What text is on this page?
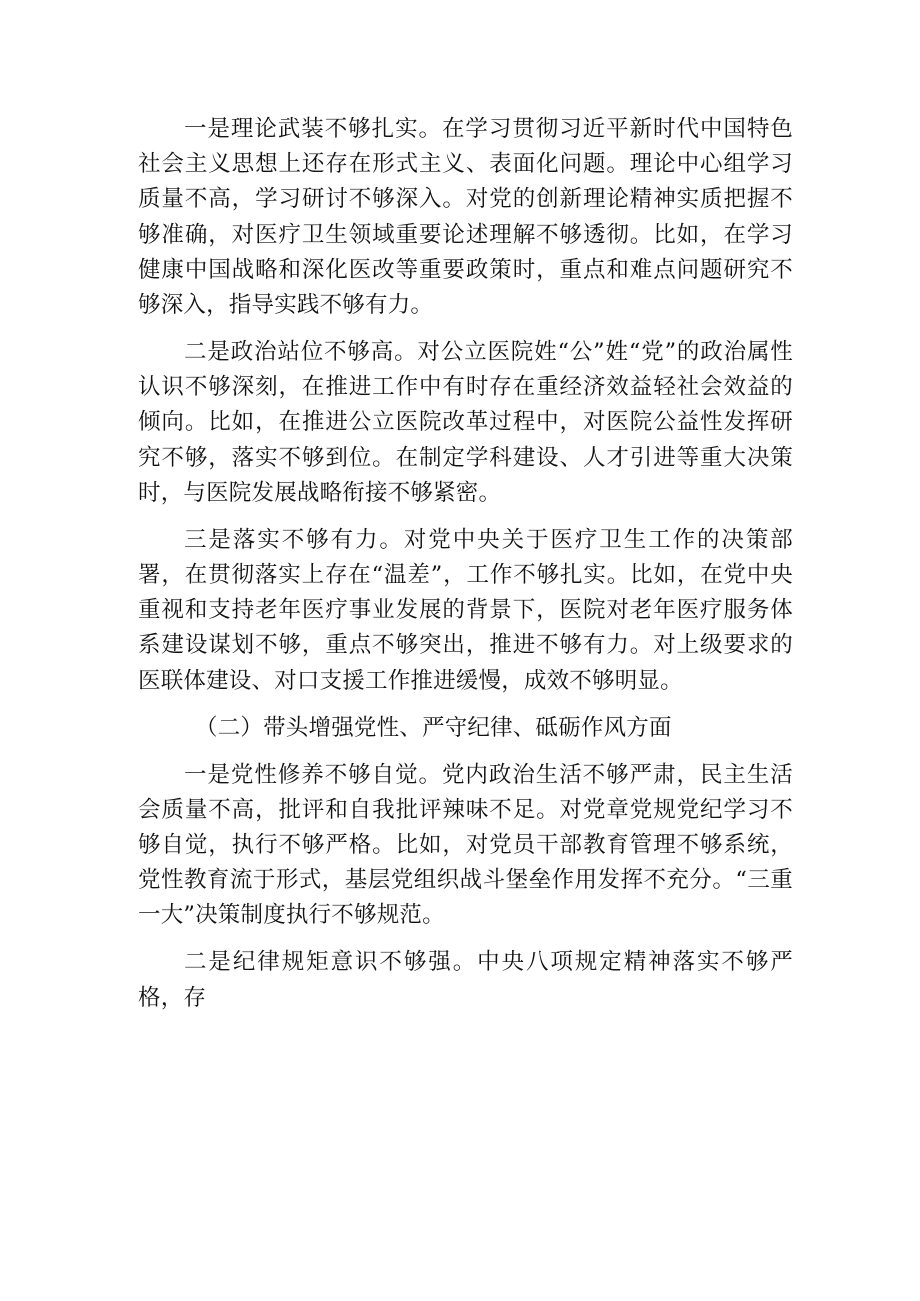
一是理论武装不够扎实。在学习贯彻习近平新时代中国特色社会主义思想上还存在形式主义、表面化问题。理论中心组学习质量不高，学习研讨不够深入。对党的创新理论精神实质把握不够准确，对医疗卫生领域重要论述理解不够透彻。比如，在学习健康中国战略和深化医改等重要政策时，重点和难点问题研究不够深入，指导实践不够有力。

二是政治站位不够高。对公立医院姓“公”姓“党”的政治属性认识不够深刻，在推进工作中有时存在重经济效益轻社会效益的倾向。比如，在推进公立医院改革过程中，对医院公益性发挥研究不够，落实不够到位。在制定学科建设、人才引进等重大决策时，与医院发展战略衔接不够紧密。

三是落实不够有力。对党中央关于医疗卫生工作的决策部署，在贯彻落实上存在“温差”，工作不够扎实。比如，在党中央重视和支持老年医疗事业发展的背景下，医院对老年医疗服务体系建设谋划不够，重点不够突出，推进不够有力。对上级要求的医联体建设、对口支援工作推进缓慢，成效不够明显。

（二）带头增强党性、严守纪律、砥砺作风方面

一是党性修养不够自觉。党内政治生活不够严肃，民主生活会质量不高，批评和自我批评辣味不足。对党章党规党纪学习不够自觉，执行不够严格。比如，对党员干部教育管理不够系统，党性教育流于形式，基层党组织战斗堡垒作用发挥不充分。“三重一大”决策制度执行不够规范。

二是纪律规矩意识不够强。中央八项规定精神落实不够严格，存
